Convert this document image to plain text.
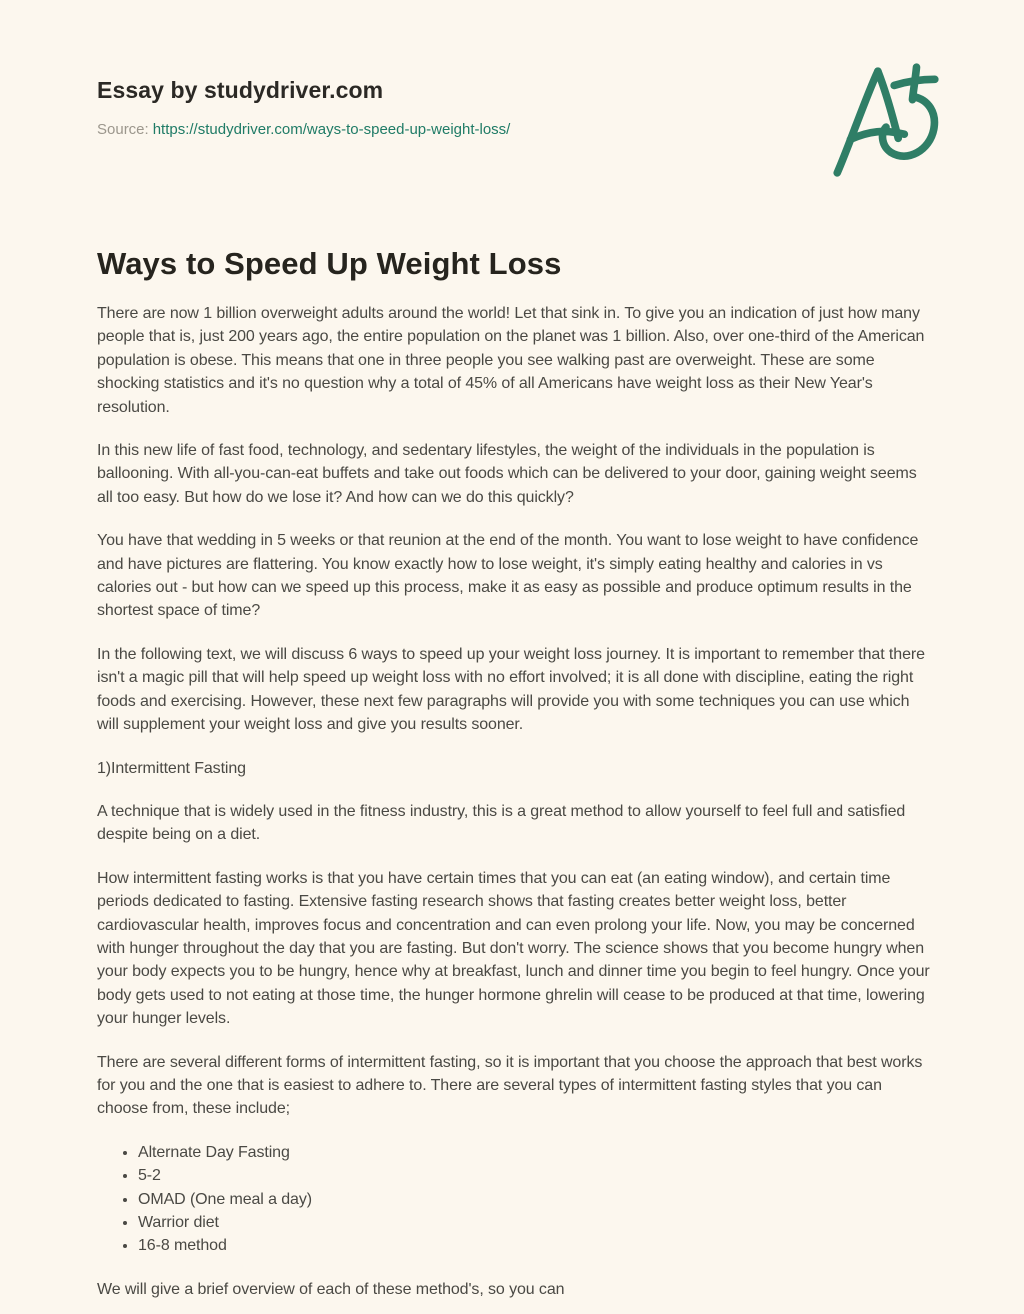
Essay by studydriver.com
Source: https://studydriver.com/ways-to-speed-up-weight-loss/
Ways to Speed Up Weight Loss

There are now 1 billion overweight adults around the world! Let that sink in. To give you an indication of just how many people that is, just 200 years ago, the entire population on the planet was 1 billion. Also, over one-third of the American population is obese. This means that one in three people you see walking past are overweight. These are some shocking statistics and it's no question why a total of 45% of all Americans have weight loss as their New Year's resolution.

In this new life of fast food, technology, and sedentary lifestyles, the weight of the individuals in the population is ballooning. With all-you-can-eat buffets and take out foods which can be delivered to your door, gaining weight seems all too easy. But how do we lose it? And how can we do this quickly?

You have that wedding in 5 weeks or that reunion at the end of the month. You want to lose weight to have confidence and have pictures are flattering. You know exactly how to lose weight, it's simply eating healthy and calories in vs calories out - but how can we speed up this process, make it as easy as possible and produce optimum results in the shortest space of time?

In the following text, we will discuss 6 ways to speed up your weight loss journey. It is important to remember that there isn't a magic pill that will help speed up weight loss with no effort involved; it is all done with discipline, eating the right foods and exercising. However, these next few paragraphs will provide you with some techniques you can use which will supplement your weight loss and give you results sooner.

1)Intermittent Fasting

A technique that is widely used in the fitness industry, this is a great method to allow yourself to feel full and satisfied despite being on a diet.

How intermittent fasting works is that you have certain times that you can eat (an eating window), and certain time periods dedicated to fasting. Extensive fasting research shows that fasting creates better weight loss, better cardiovascular health, improves focus and concentration and can even prolong your life. Now, you may be concerned with hunger throughout the day that you are fasting. But don't worry. The science shows that you become hungry when your body expects you to be hungry, hence why at breakfast, lunch and dinner time you begin to feel hungry. Once your body gets used to not eating at those time, the hunger hormone ghrelin will cease to be produced at that time, lowering your hunger levels.

There are several different forms of intermittent fasting, so it is important that you choose the approach that best works for you and the one that is easiest to adhere to. There are several types of intermittent fasting styles that you can choose from, these include;

• Alternate Day Fasting
• 5-2
• OMAD (One meal a day)
• Warrior diet
• 16-8 method

We will give a brief overview of each of these method's, so you can
